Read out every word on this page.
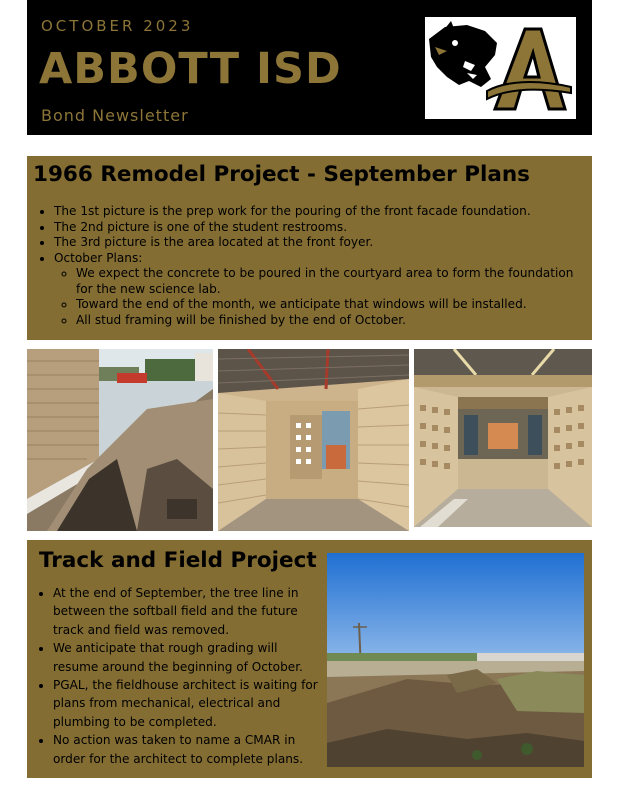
OCTOBER 2023
ABBOTT ISD
Bond Newsletter
1966 Remodel Project - September Plans
• The 1st picture is the prep work for the pouring of the front facade foundation.
• The 2nd picture is one of the student restrooms.
• The 3rd picture is the area located at the front foyer.
• October Plans:
◦ We expect the concrete to be poured in the courtyard area to form the foundation for the new science lab.
◦ Toward the end of the month, we anticipate that windows will be installed.
◦ All stud framing will be finished by the end of October.
Track and Field Project
• At the end of September, the tree line in between the softball field and the future track and field was removed.
• We anticipate that rough grading will resume around the beginning of October.
• PGAL, the fieldhouse architect is waiting for plans from mechanical, electrical and plumbing to be completed.
• No action was taken to name a CMAR in order for the architect to complete plans.
